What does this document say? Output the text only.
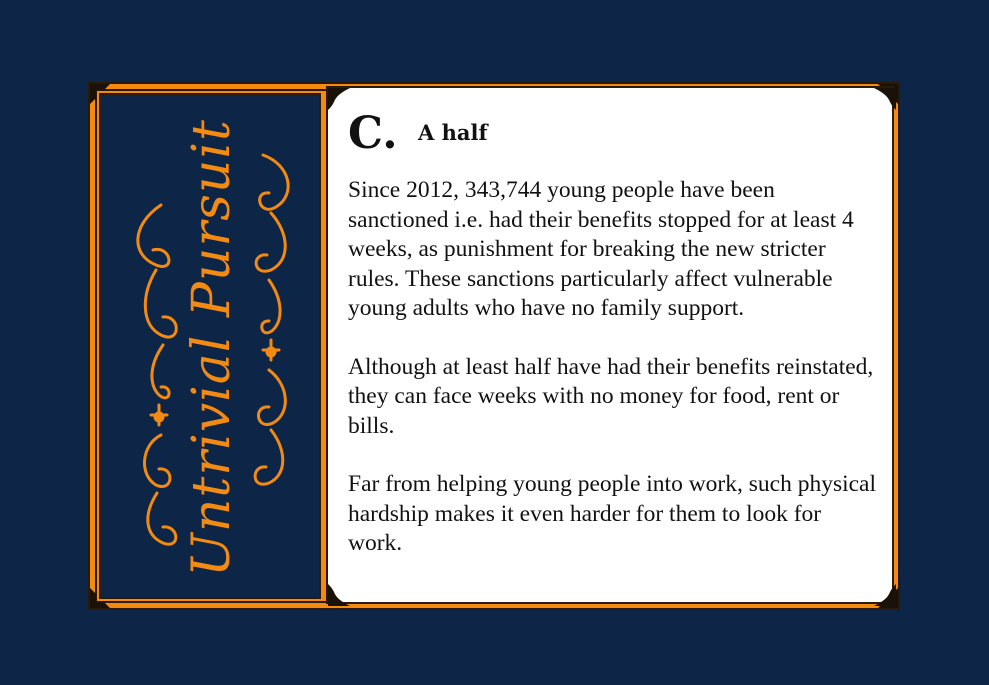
Untrivial Pursuit C. A half

Since 2012, 343,744 young people have been sanctioned i.e. had their benefits stopped for at least 4 weeks, as punishment for breaking the new stricter rules. These sanctions particularly affect vulnerable young adults who have no family support.

Although at least half have had their benefits reinstated, they can face weeks with no money for food, rent or bills.

Far from helping young people into work, such physical hardship makes it even harder for them to look for work.
